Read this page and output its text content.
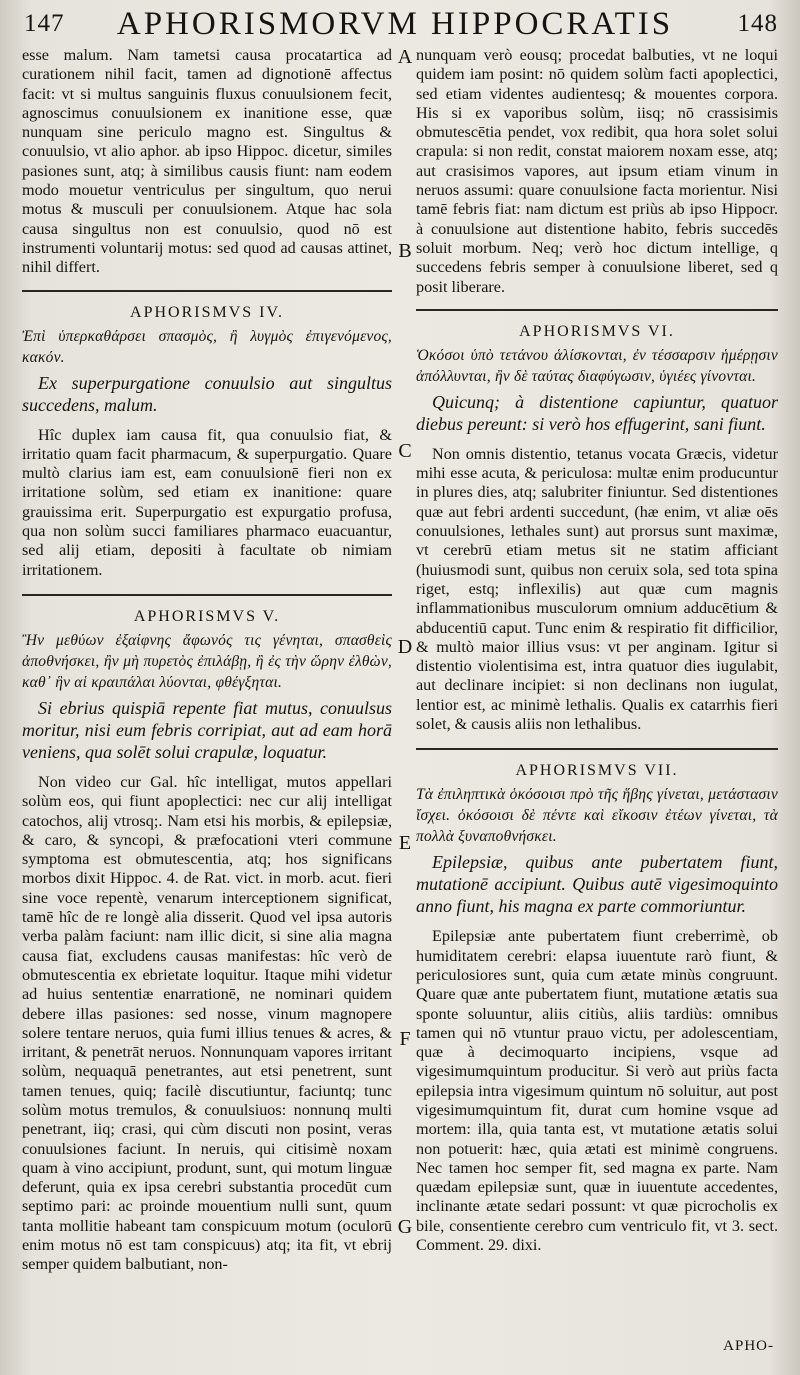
147	APHORISMORVM HIPPOCRATIS	148

esse malum. Nam tametsi causa procatartica ad curationem nihil facit, tamen ad dignotionē affectus facit: vt si multus sanguinis fluxus conuulsionem fecit, agnoscimus conuulsionem ex inanitione esse, quæ nunquam sine periculo magno est. Singultus & conuulsio, vt alio aphor. ab ipso Hippoc. dicetur, similes pasiones sunt, atq; à similibus causis fiunt: nam eodem modo mouetur ventriculus per singultum, quo nerui motus & musculi per conuulsionem. Atque hac sola causa singultus non est conuulsio, quod nō est instrumenti voluntarij motus: sed quod ad causas attinet, nihil differt.

APHORISMVS IV.

Ἐπὶ ὑπερκαθάρσει σπασμὸς, ἢ λυγμὸς ἐπιγενόμενος, κακόν.

Ex superpurgatione conuulsio aut singultus succedens, malum.

Hîc duplex iam causa fit, qua conuulsio fiat, & irritatio quam facit pharmacum, & superpurgatio. Quare multò clarius iam est, eam conuulsionē fieri non ex irritatione solùm, sed etiam ex inanitione: quare grauissima erit. Superpurgatio est expurgatio profusa, qua non solùm succi familiares pharmaco euacuantur, sed alij etiam, depositi à facultate ob nimiam irritationem.

APHORISMVS V.

Ἢν μεθύων ἐξαίφνης ἄφωνός τις γένηται, σπασθεὶς ἀποθνήσκει, ἢν μὴ πυρετὸς ἐπιλάβῃ, ἢ ἐς τὴν ὥρην ἐλθὼν, καθ᾽ ἣν αἱ κραιπάλαι λύονται, φθέγξηται.

Si ebrius quispiā repente fiat mutus, conuulsus moritur, nisi eum febris corripiat, aut ad eam horā veniens, qua solēt solui crapulæ, loquatur.

Non video cur Gal. hîc intelligat, mutos appellari solùm eos, qui fiunt apoplectici: nec cur alij intelligat catochos, alij vtrosq;. Nam etsi his morbis, & epilepsiæ, & caro, & syncopi, & præfocationi vteri commune symptoma est obmutescentia, atq; hos significans morbos dixit Hippoc. 4. de Rat. vict. in morb. acut. fieri sine voce repentè, venarum interceptionem significat, tamē hîc de re longè alia disserit. Quod vel ipsa autoris verba palàm faciunt: nam illic dicit, si sine alia magna causa fiat, excludens causas manifestas: hîc verò de obmutescentia ex ebrietate loquitur. Itaque mihi videtur ad huius sententiæ enarrationē, ne nominari quidem debere illas pasiones: sed nosse, vinum magnopere solere tentare neruos, quia fumi illius tenues & acres, & irritant, & penetrāt neruos. Nonnunquam vapores irritant solùm, nequaquā penetrantes, aut etsi penetrent, sunt tamen tenues, quiq; facilè discutiuntur, faciuntq; tunc solùm motus tremulos, & conuulsiuos: nonnunq multi penetrant, iiq; crasi, qui cùm discuti non posint, veras conuulsiones faciunt. In neruis, qui citisimè noxam quam à vino accipiunt, produnt, sunt, qui motum linguæ deferunt, quia ex ipsa cerebri substantia procedūt cum septimo pari: ac proinde mouentium nulli sunt, quum tanta mollitie habeant tam conspicuum motum (oculorū enim motus nō est tam conspicuus) atq; ita fit, vt ebrij semper quidem balbutiant, non-

A
B
C
D
E
F
G

nunquam verò eousq; procedat balbuties, vt ne loqui quidem iam posint: nō quidem solùm facti apoplectici, sed etiam videntes audientesq; & mouentes corpora. His si ex vaporibus solùm, iisq; nō crassisimis obmutescētia pendet, vox redibit, qua hora solet solui crapula: si non redit, constat maiorem noxam esse, atq; aut crasisimos vapores, aut ipsum etiam vinum in neruos assumi: quare conuulsione facta morientur. Nisi tamē febris fiat: nam dictum est priùs ab ipso Hippocr. à conuulsione aut distentione habito, febris succedēs soluit morbum. Neq; verò hoc dictum intellige, q succedens febris semper à conuulsione liberet, sed q posit liberare.

APHORISMVS VI.

Ὁκόσοι ὑπὸ τετάνου ἁλίσκονται, ἐν τέσσαρσιν ἡμέρῃσιν ἀπόλλυνται, ἢν δὲ ταύτας διαφύγωσιν, ὑγιέες γίνονται.

Quicunq; à distentione capiuntur, quatuor diebus pereunt: si verò hos effugerint, sani fiunt.

Non omnis distentio, tetanus vocata Græcis, videtur mihi esse acuta, & periculosa: multæ enim producuntur in plures dies, atq; salubriter finiuntur. Sed distentiones quæ aut febri ardenti succedunt, (hæ enim, vt aliæ oēs conuulsiones, lethales sunt) aut prorsus sunt maximæ, vt cerebrū etiam metus sit ne statim afficiant (huiusmodi sunt, quibus non ceruix sola, sed tota spina riget, estq; inflexilis) aut quæ cum magnis inflammationibus musculorum omnium adducētium & abducentiū caput. Tunc enim & respiratio fit difficilior, & multò maior illius vsus: vt per anginam. Igitur si distentio violentisima est, intra quatuor dies iugulabit, aut declinare incipiet: si non declinans non iugulat, lentior est, ac minimè lethalis. Qualis ex catarrhis fieri solet, & causis aliis non lethalibus.

APHORISMVS VII.

Τὰ ἐπιληπτικὰ ὁκόσοισι πρὸ τῆς ἥβης γίνεται, μετάστασιν ἴσχει. ὁκόσοισι δὲ πέντε καὶ εἴκοσιν ἐτέων γίνεται, τὰ πολλὰ ξυναποθνήσκει.

Epilepsiæ, quibus ante pubertatem fiunt, mutationē accipiunt. Quibus autē vigesimoquinto anno fiunt, his magna ex parte commoriuntur.

Epilepsiæ ante pubertatem fiunt creberrimè, ob humiditatem cerebri: elapsa iuuentute rarò fiunt, & periculosiores sunt, quia cum ætate minùs congruunt. Quare quæ ante pubertatem fiunt, mutatione ætatis sua sponte soluuntur, aliis citiùs, aliis tardiùs: omnibus tamen qui nō vtuntur prauo victu, per adolescentiam, quæ à decimoquarto incipiens, vsque ad vigesimumquintum producitur. Si verò aut priùs facta epilepsia intra vigesimum quintum nō soluitur, aut post vigesimumquintum fit, durat cum homine vsque ad mortem: illa, quia tanta est, vt mutatione ætatis solui non potuerit: hæc, quia ætati est minimè congruens. Nec tamen hoc semper fit, sed magna ex parte. Nam quædam epilepsiæ sunt, quæ in iuuentute accedentes, inclinante ætate sedari possunt: vt quæ picrocholis ex bile, consentiente cerebro cum ventriculo fit, vt 3. sect. Comment. 29. dixi.

APHO-
